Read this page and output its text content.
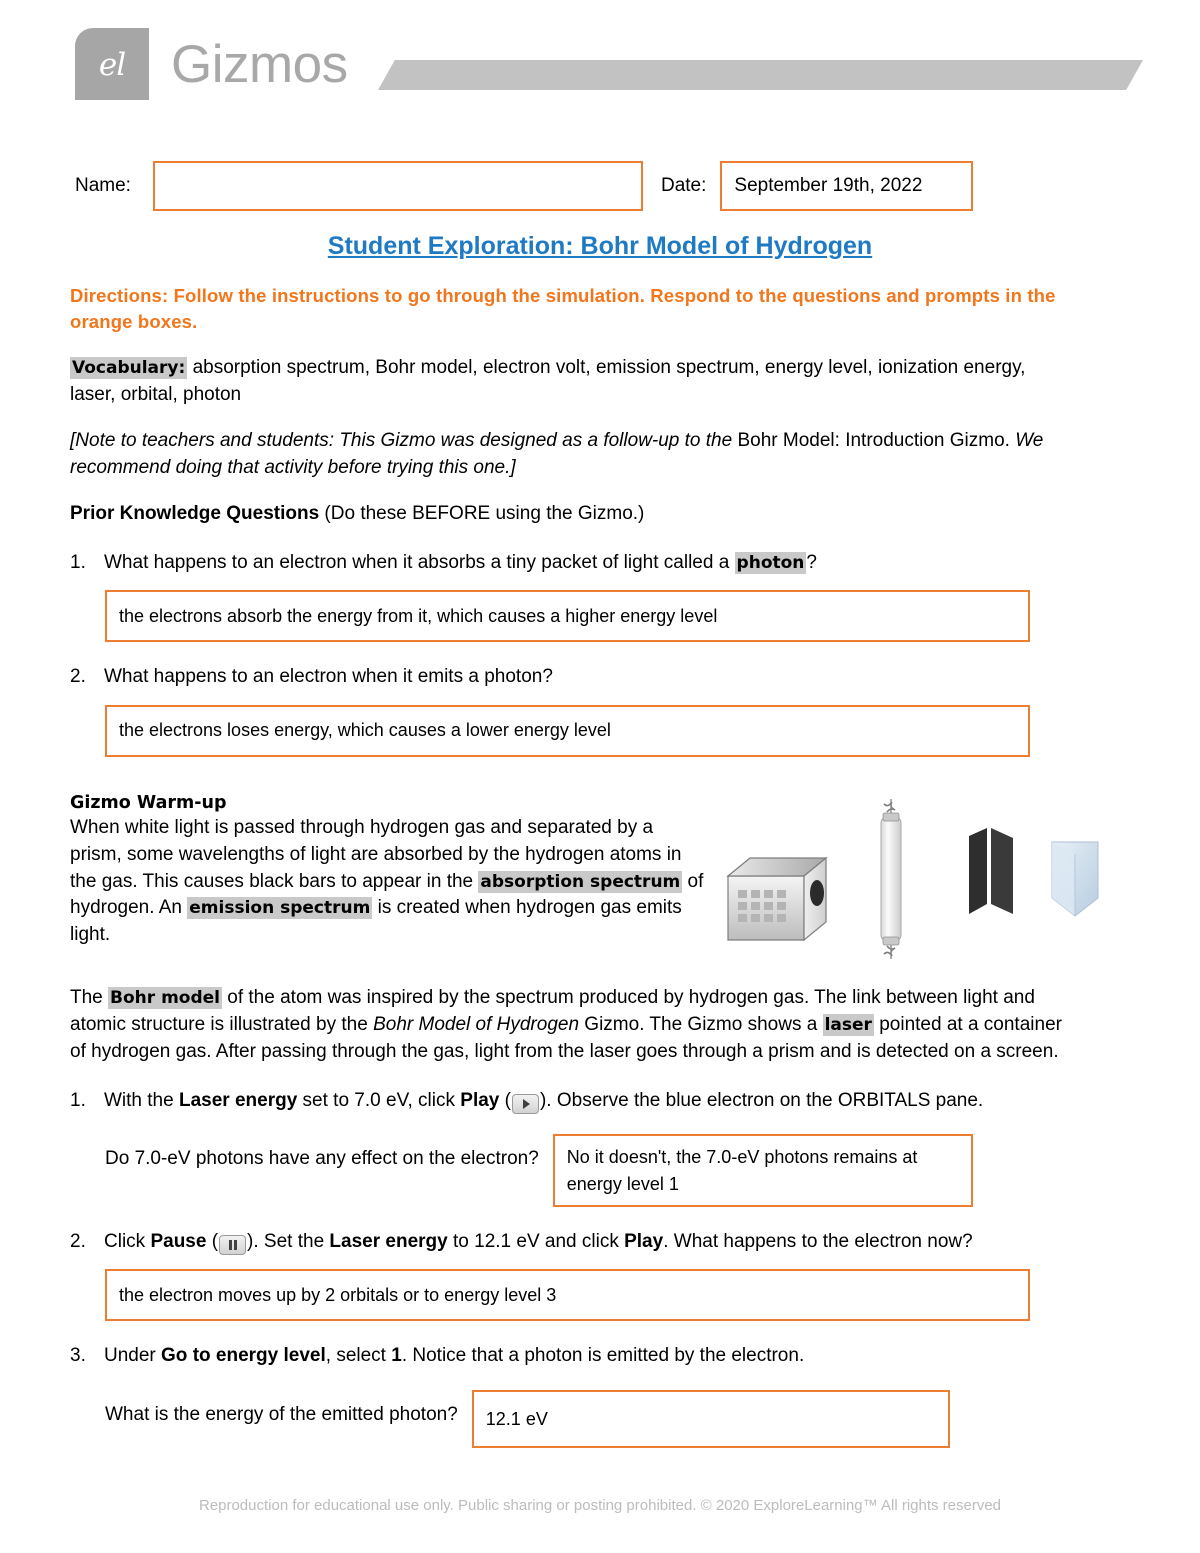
el Gizmos
Name:	Date:	September 19th, 2022
Student Exploration: Bohr Model of Hydrogen

Directions: Follow the instructions to go through the simulation. Respond to the questions and prompts in the orange boxes.

Vocabulary: absorption spectrum, Bohr model, electron volt, emission spectrum, energy level, ionization energy, laser, orbital, photon

[Note to teachers and students: This Gizmo was designed as a follow-up to the Bohr Model: Introduction Gizmo. We recommend doing that activity before trying this one.]

Prior Knowledge Questions (Do these BEFORE using the Gizmo.)

1. What happens to an electron when it absorbs a tiny packet of light called a photon ?
the electrons absorb the energy from it, which causes a higher energy level
2. What happens to an electron when it emits a photon?
the electrons loses energy, which causes a lower energy level
Gizmo Warm-up

When white light is passed through hydrogen gas and separated by a prism, some wavelengths of light are absorbed by the hydrogen atoms in the gas. This causes black bars to appear in the absorption spectrum of hydrogen. An emission spectrum is created when hydrogen gas emits light.

The Bohr model of the atom was inspired by the spectrum produced by hydrogen gas. The link between light and atomic structure is illustrated by the Bohr Model of Hydrogen Gizmo. The Gizmo shows a laser pointed at a container of hydrogen gas. After passing through the gas, light from the laser goes through a prism and is detected on a screen.

1. With the Laser energy set to 7.0 eV, click Play ( ). Observe the blue electron on the ORBITALS pane.
Do 7.0-eV photons have any effect on the electron?	No it doesn't, the 7.0-eV photons remains at energy level 1
2. Click Pause ( ). Set the Laser energy to 12.1 eV and click Play. What happens to the electron now?
the electron moves up by 2 orbitals or to energy level 3
3. Under Go to energy level, select 1. Notice that a photon is emitted by the electron.
What is the energy of the emitted photon?	12.1 eV
Reproduction for educational use only. Public sharing or posting prohibited. © 2020 ExploreLearning™ All rights reserved
